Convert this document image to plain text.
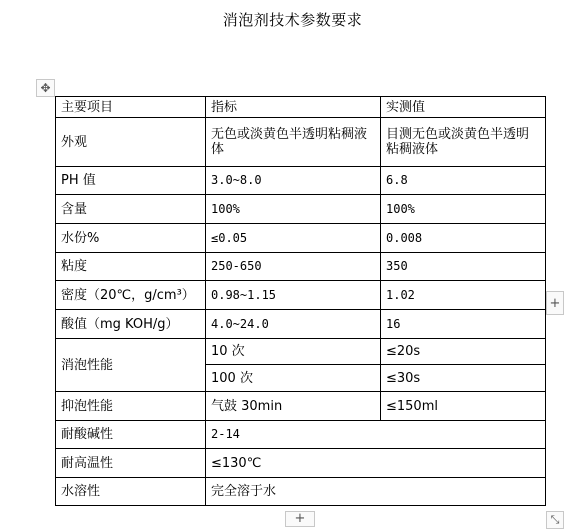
消泡剂技术参数要求
✥
主要项目	指标	实测值
外观	无色或淡黄色半透明粘稠液体	目测无色或淡黄色半透明粘稠液体
PH 值	3.0~8.0	6.8
含量	100%	100%
水份%	≤0.05	0.008
粘度	250-650	350
密度（20℃，g/cm³）	0.98~1.15	1.02
酸值（mg KOH/g）	4.0~24.0	16
消泡性能	10 次	≤20s
	100 次	≤30s
抑泡性能	气鼓 30min	≤150ml
耐酸碱性	2-14	
耐高温性	≤130℃	
水溶性	完全溶于水	
+
+	⤡
